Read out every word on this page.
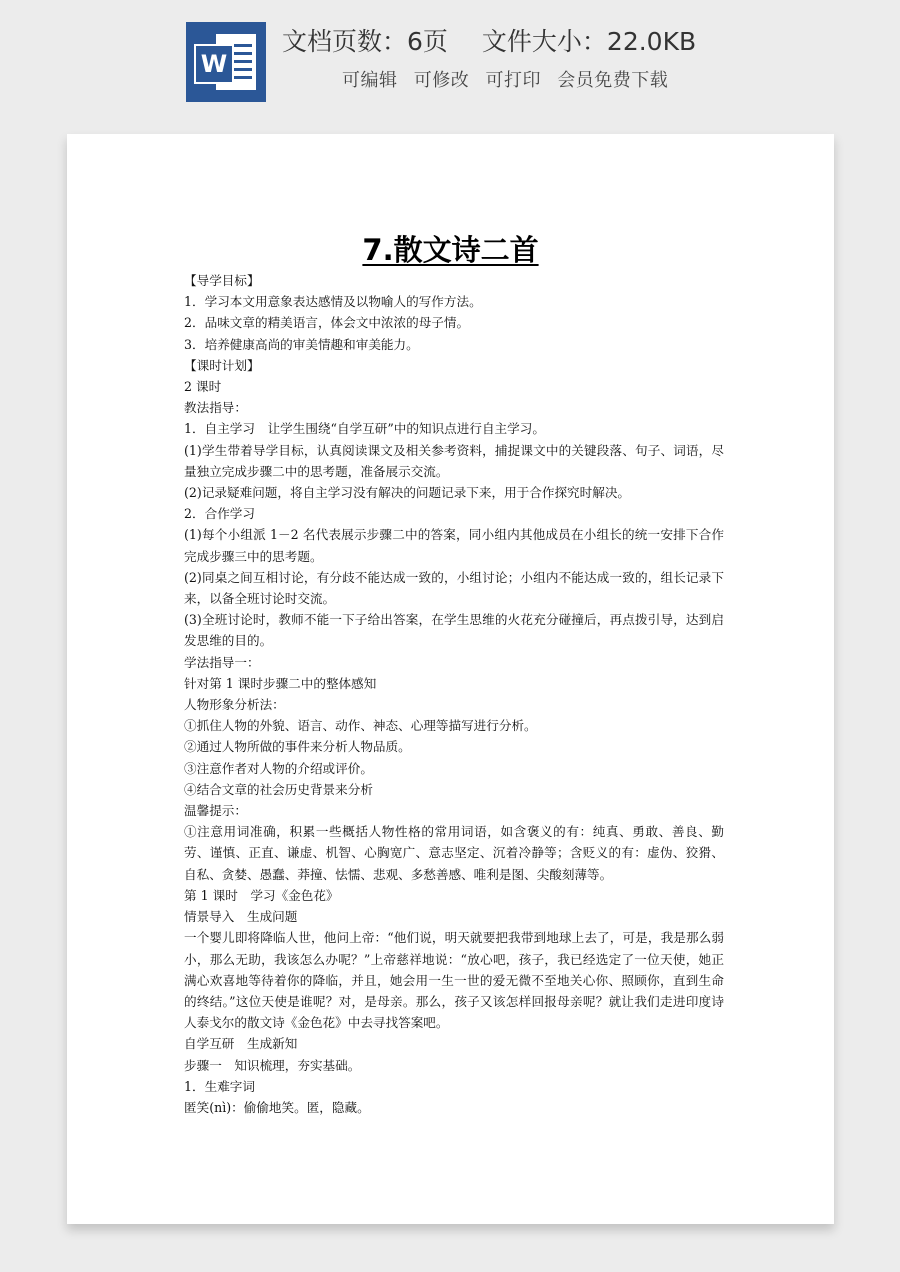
W
文档页数：6页 文件大小：22.0KB
可编辑 可修改 可打印 会员免费下载
7.散文诗二首

【导学目标】

1．学习本文用意象表达感情及以物喻人的写作方法。

2．品味文章的精美语言，体会文中浓浓的母子情。

3．培养健康高尚的审美情趣和审美能力。

【课时计划】

2 课时

教法指导：

1．自主学习　让学生围绕“自学互研”中的知识点进行自主学习。

(1)学生带着导学目标，认真阅读课文及相关参考资料，捕捉课文中的关键段落、句子、词语，尽量独立完成步骤二中的思考题，准备展示交流。

(2)记录疑难问题，将自主学习没有解决的问题记录下来，用于合作探究时解决。

2．合作学习

(1)每个小组派 1－2 名代表展示步骤二中的答案，同小组内其他成员在小组长的统一安排下合作完成步骤三中的思考题。

(2)同桌之间互相讨论，有分歧不能达成一致的，小组讨论；小组内不能达成一致的，组长记录下来，以备全班讨论时交流。

(3)全班讨论时，教师不能一下子给出答案，在学生思维的火花充分碰撞后，再点拨引导，达到启发思维的目的。

学法指导一：

针对第 1 课时步骤二中的整体感知

人物形象分析法：

①抓住人物的外貌、语言、动作、神态、心理等描写进行分析。

②通过人物所做的事件来分析人物品质。

③注意作者对人物的介绍或评价。

④结合文章的社会历史背景来分析

温馨提示：

①注意用词准确，积累一些概括人物性格的常用词语，如含褒义的有：纯真、勇敢、善良、勤劳、谨慎、正直、谦虚、机智、心胸宽广、意志坚定、沉着冷静等；含贬义的有：虚伪、狡猾、自私、贪婪、愚蠢、莽撞、怯懦、悲观、多愁善感、唯利是图、尖酸刻薄等。

第 1 课时　学习《金色花》

情景导入　生成问题

一个婴儿即将降临人世，他问上帝：“他们说，明天就要把我带到地球上去了，可是，我是那么弱小，那么无助，我该怎么办呢？”上帝慈祥地说：“放心吧，孩子，我已经选定了一位天使，她正满心欢喜地等待着你的降临，并且，她会用一生一世的爱无微不至地关心你、照顾你，直到生命的终结。”这位天使是谁呢？对，是母亲。那么，孩子又该怎样回报母亲呢？就让我们走进印度诗人泰戈尔的散文诗《金色花》中去寻找答案吧。

自学互研　生成新知

步骤一　知识梳理，夯实基础。

1．生难字词

匿笑(nì)：偷偷地笑。匿，隐藏。
